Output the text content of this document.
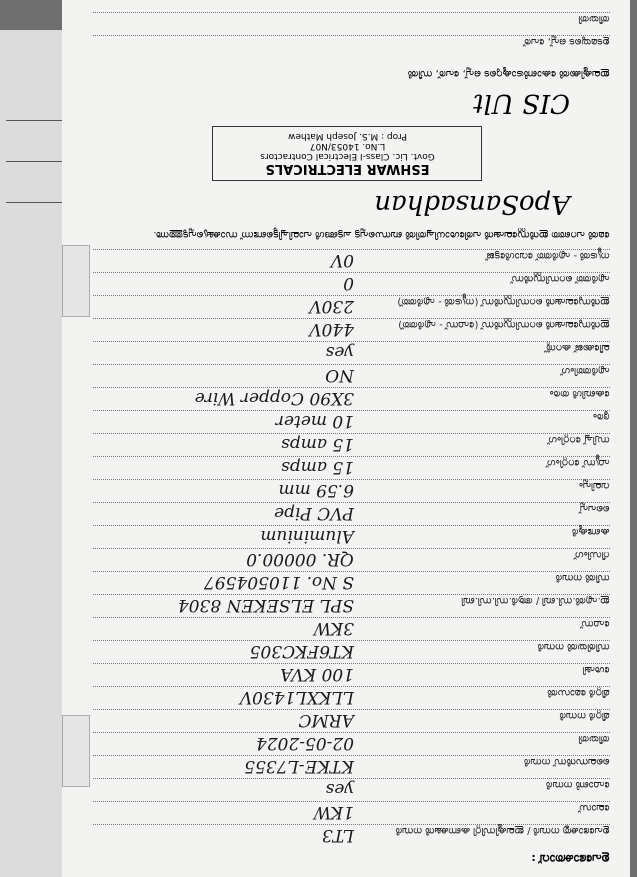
ഉപഭോക്താവ് :
ഉപഭോക്തൃ നമ്പർ / ഇലക്ട്രിസിറ്റി കണക്ഷൻ നമ്പർ
LT3
ലോഡ്
1KW
ഫോൺ നമ്പർ
yes
ലൈസൻസ് നമ്പർ
KTKE-L7355
തീയതി
02-05-2024
മീറ്റർ നമ്പർ
ARMC
മീറ്റർ മോഡൽ
LLKXL1430V
ശേഷി
100 KVA
സീരിയൽ നമ്പർ
KT6FKC305
ഫേസ്
3KW
ഇ.എൽ.സി.ബി / ആർ.സി.സി.ബി
SPL ELSEKEN 8304
സീൽ നമ്പർ
S No. 110504597
റീഡിംഗ്
QR. 00000.0
കണ്ടക്ടർ
Aluminium
പൈപ്പ്
PVC Pipe
വലിപ്പം
6.59 mm
ഫ്യൂസ് റേറ്റിംഗ്
15 amps
സ്വിച്ച് റേറ്റിംഗ്
15 amps
ദൂരം
10 meter
കേബിൾ തരം
3X90 Copper Wire
എർത്തിംഗ്
NO
ലീക്കേജ് കറന്റ്
yes
ഇൻസുലേഷൻ റെസിസ്റ്റൻസ് (ഫേസ് - എർത്ത്)
440V
ഇൻസുലേഷൻ റെസിസ്റ്റൻസ് (ന്യൂട്രൽ - എർത്ത്)
230V
എർത്ത് റെസിസ്റ്റൻസ്
0
ന്യൂട്രൽ - എർത്ത് വോൾട്ടേജ്
0V
മേൽ പറഞ്ഞ ഇൻസ്റ്റലേഷൻ പരിശോധിച്ചതിൽ ബന്ധപ്പെട്ട ചട്ടങ്ങൾ പാലിച്ചിട്ടുണ്ടെന്ന് സാക്ഷ്യപ്പെടുത്തുന്നു.
ApoSansadhan
ESHWAR ELECTRICALS
Govt. Lic. Class-I Electrical Contractors
L.No. 14053/N07
Prop : M.S. Joseph Mathew
CIS Ult
ഇലക്ട്രിക്കൽ കോൺട്രാക്ടറുടെ ഒപ്പ്, പേര്, സീൽ
ഉടമയുടെ ഒപ്പ്, പേര്
തീയതി
